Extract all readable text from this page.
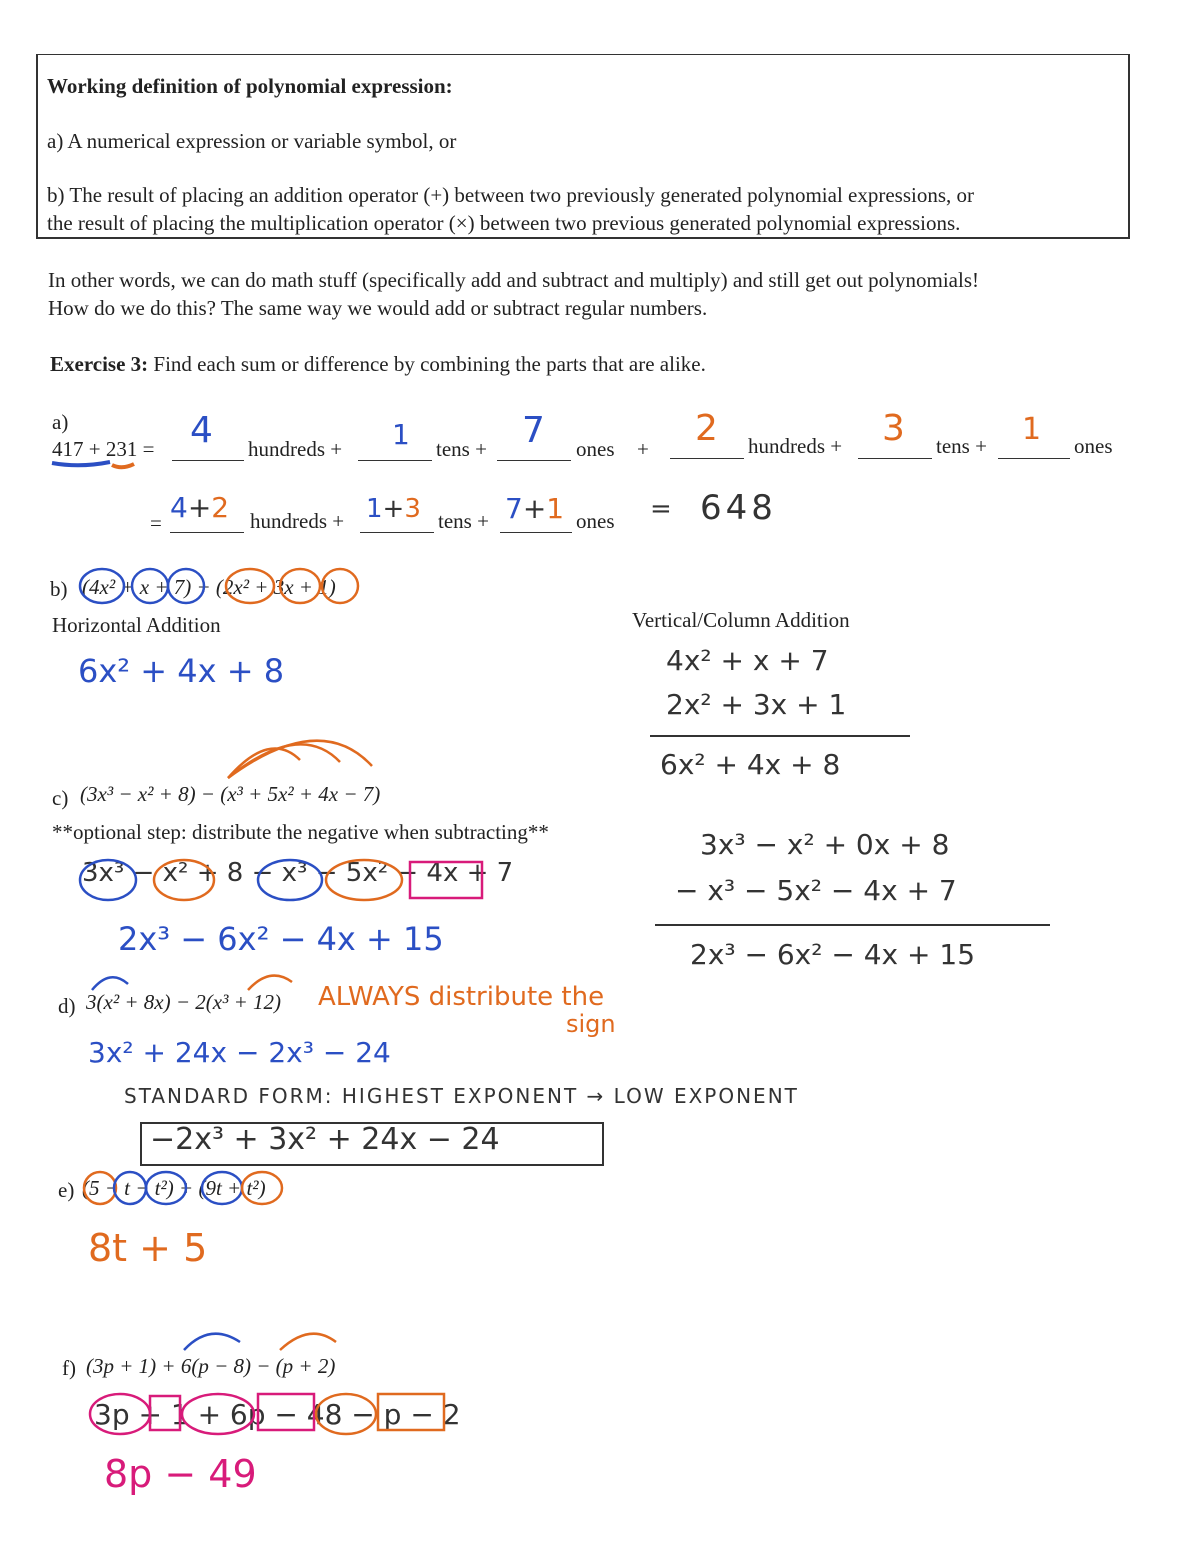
Working definition of polynomial expression:
a) A numerical expression or variable symbol, or
b) The result of placing an addition operator (+) between two previously generated polynomial expressions, or
the result of placing the multiplication operator (×) between two previous generated polynomial expressions.
In other words, we can do math stuff (specifically add and subtract and multiply) and still get out polynomials!
How do we do this? The same way we would add or subtract regular numbers.
Exercise 3: Find each sum or difference by combining the parts that are alike.
a)
417 + 231 = 4 hundreds + 1 tens + 7 ones + 2 hundreds + 3 tens + 1 ones
= 4+2 hundreds + 1+3 tens + 7+1 ones = 648
b) (4x² + x + 7) + (2x² + 3x + 1)
Horizontal Addition	Vertical/Column Addition
6x² + 4x + 8	4x² + x + 7
2x² + 3x + 1
6x² + 4x + 8
c) (3x³ − x² + 8) − (x³ + 5x² + 4x − 7)
**optional step: distribute the negative when subtracting**
3x³ − x² + 8 − x³ − 5x² − 4x + 7
2x³ − 6x² − 4x + 15
3x³ − x² + 0x + 8
− x³ − 5x² − 4x + 7
2x³ − 6x² − 4x + 15
d) 3(x² + 8x) − 2(x³ + 12) ALWAYS distribute the
sign
3x² + 24x − 2x³ − 24
STANDARD FORM: HIGHEST EXPONENT → LOW EXPONENT
−2x³ + 3x² + 24x − 24
e) (5 − t − t²) + (9t + t²)
8t + 5
f) (3p + 1) + 6(p − 8) − (p + 2)
3p + 1 + 6p − 48 − p − 2
8p − 49
